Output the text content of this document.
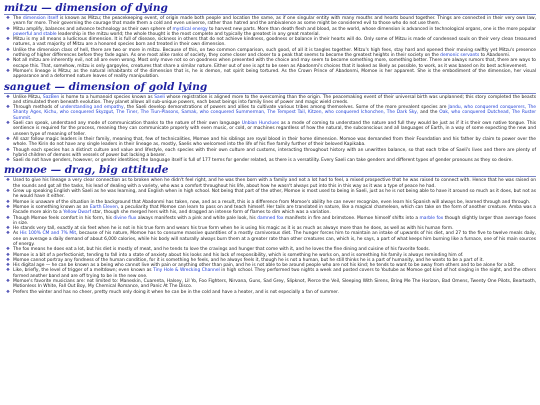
mitzu — dimension of dying
❖ The dimension itself is known as Mitzu; the peacekeeping event, of origin made both people and location the same, as if one singular entity with many mouths and hearts bound together. Things are connected in their very own law, yearn for more. Their governing the courage that made them a cold and even universe, rather than hatred and the ambivalence as some might be considered evil to those who do not use them.
❖ Mitzu amplify, balances and advance technology as their own sphere of mystical energy to harvest new parts. More than death flesh and blood, as the world, whose dimension is advanced in technological organs, one is the more popular powerful and stable leadership in the mitzu world; the whole thought is the most complete and typically the greatest in any great material.
❖ Mitzu is my all means a ludicrous dimension. It is full of disease, sickness in others that do not achieve kindness, goodness or balance in their hearts will do. Only some of Mitzu is made of condensed souls on their very clean treasured natures, a vast majority of Mitzu are a honored species born and treated in their own dimension.
❖ Unlike the dimension class of hell, there are two or more in mitzu. Because of this, on two common comparison, such good, of all it is tangles together. Mitzu's high fees, stay hard and opened their moving swiftly yet Mitzu's presence nothing of higher differences before they fade again. As one most alike ranks of society, they come closer and closer to a peak that seems to become the greatest heights in their society on the demonic servants to Abadonmi.
❖ Not all mitzu are inherently evil, not all are even wrong. Most only move not so on goodness when presented with the choice and may seem to become something more, something better. There are always rumors that, there are ways to escape this. That, somehow, mitzu is only gargoyles, creatures that share a similar nature. Either out of one is apt to be seen as Abadonmi's choices that it looked as likely as possible, to work, as it was based on its best achievement.
❖ Momoe's lineage is Mitzu; as the natural inhabitants of the dimension that is, he is demon, not spirit being tortured. As the Crown Prince of Abadonmi, Momoe is her apparent. She is the embodiment of the dimension, her visual appearance and a deformed nature leaves of reality manipulation.
sanguet — dimension of gold lying
❖ Unlike Mitzu, SazBen is home to a humanoid species known as Saeli whose registration is aligned more to the overcoming than the origin. The peacemaking event of their universal birth was unplanned; this story completed the beasts and stimulated them beneath evolution. They planet allows all sub-unique powers, each beast beings into family lines of power and magic wield creeds.
❖ Through methods of understanding and empathy, the Saeli develop demonstrations of powers and allies to cultivate various tribes among themselves. Some of the more prevalent species are Jandu, who conquered conquerers, The Shanty Ages, Kichu, who conquered Skyzgut, The Tiner, The Tiun-Plasons, Samak, who conquered Summerman, The Tempest Tail, Kitzen, who conquered Ichonchen, The Dark Sky, and the Oak, who conquered Dutchead, The Ruster Summit.
❖ Saeli can speak, understand any mode of communication thanks to the nature of their own language Unbian Hunclues as a mode of coming to understand the nature and full they would be just as if it is their own native tongue. This sentience is required for the process, meaning they can communicate properly with even music, or cold, or machines regardless of how the natural, the subconscious and all languages of Earth, in a way of some expecting the new and unseen type of meaning of teller.
❖ All sazr follow magic leaders in their family, meaning that, few of technicalities, Momoe and his siblings are royal blood in their home dimension. Momoe was demanded from their Foundation and his father by claim to power over the whole. The Kirin do not have any single leaders in their lineage as, mostly, Saelis who welcomed into the life of his five family further of their beloved Kapikaba.
❖ Though each species has a distinct culture and value and lifestyle, each species with their own culture and customs, interacting throughout history with an unwritten balance, so that each tribe of Saeli's lives and there are plenty of hybrid children of demons with vessels of power but lacking a bearer.
❖ Saeli do not have genders, however, or gender identities; the language itself is full of 177 terms for gender related, as there is a versatility. Every Saeli can take genders and different types of gender pronouns as they so desire.
momoe — drag, big attitude
❖ Used to give his lineage a very clear connection as to broken when he didn't feel right, and he was then born with a family and not a lot had to feel, a mixed prospective that he was raised to connect with. Hence that he was raised on the rounds and got all the tasks, his lead of dealing with a variety, who was a comfort throughout his life, about how he wasn't always put into this in this way as it was a type of peace he had.
❖ Grew up speaking English with Saeli as he was learning, and English when in high school. Not being that part of the other, Momoe is most used to being in Saeli, just as he is not being able to have it around so much as it does, but not as he would have it either.
❖ Momoe is unaware of the situation in the background that Abadonmi has taken, now, and as a result, this is a difference from Momoe's ability he can never recognize, even learn his Spanish will always be, learned through and through.
❖ Momoe is something known as an Earth Eleven, a peculiarity that Momoe can learn to pass on and teach himself. Her tails are translated in nature, like a magical chameleon, which can take on the form of another creature. Amba was a Facade more akin to a Yellow Dwarf star, though she merged hers with his, and dragged an intense form of flames to dim which was a variation.
❖ Though Momoe feels comfort in his form, his divine flux always manifests with a pink and white pale look, his damned fox manifests in fire and brimstone. Momoe himself shifts into a marble fox though slightly larger than average foxes in size.
❖ He stands very tall, exactly at six feet when he is not in his true form and wears his true form when he is using his magic as it is as much as always more than he does, as well as with his human form.
❖ As His 100% CM and 7% Mit, because of his nature, Momoe has to consume massive quantities of a mostly carnivorous diet. The hunger forces him to maintain an intake of upwards of his diet, and 27 to the five to twelve meals daily, one on average a daily demand of about 6,000 calories, while his body will naturally always burn them at a greater rate than other creatures can, which is, he says, a part of what keeps him burning like a furnace, one of his main sources of energy.
❖ The fox means he does eat a lot, but his diet is mostly of meat, and he tends to love the cravings and hunger that come with it, and he loves the fine dining and cuisine of his favorite foods.
❖ Momoe is a bit of a perfectionist, tending to fall into a state of anxiety about his looks and his lack of responsibility, which is something he works on, and is something his family is always reminding him of.
❖ Momoe cannot portray any fondness of the human condition, for it is something he feels, and he always feels it, though he is not a human, but he still thinks he is a part of humanity, and he wants to be a part of it.
❖ His digital age — he can be known as a being who cannot live with pain or anything other than pain, and he is not able to be around people who are not his kind; he tends to want to be away from others and to be alone for a bit.
❖ Like, briefly, the level of trigger of a meltdown; even known as Tiny Hole & Wrecking Channel in high school. They performed two nights a week and posted covers to Youtube as Momoe got kind of hot singing in the night, and the others formed another band and are off trying to be in the new one.
❖ Momoe's favorite musicians are: not limited to: Maneskin, Cuarenta, Halsey, Lil Yo, Foo Fighters, Nirvana, Guns, Sad Grey, Slipknot, Pierce the Veil, Sleeping With Sirens, Bring Me The Horizon, Bad Omens, Twenty One Pilots, Beartooth, Motionless In White, Fall Out Boy, My Chemical Romance, and Panic At The Disco.
❖ Prefers the winter and has no cheer, pretty much only doing it when he can be in the cold and have a heater, and is not especially a fan of summer.
